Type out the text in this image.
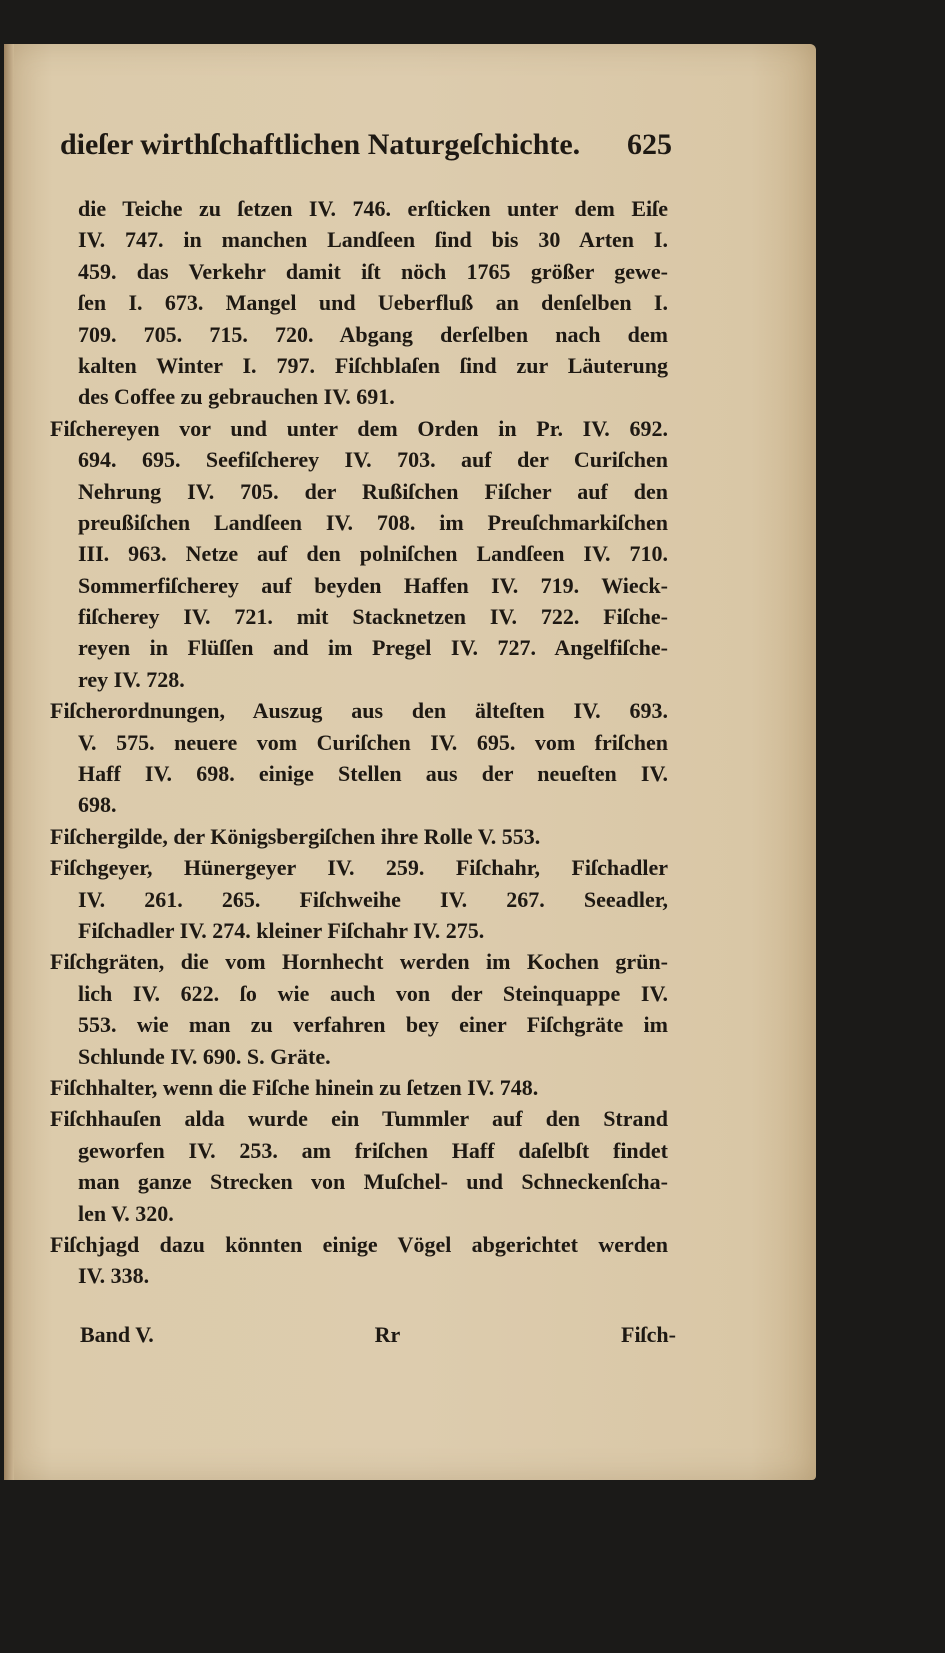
dieſer wirthſchaftlichen Naturgeſchichte. 625
die Teiche zu ſetzen IV. 746. erſticken unter dem Eiſe
IV. 747. in manchen Landſeen ſind bis 30 Arten I.
459. das Verkehr damit iſt nöch 1765 größer gewe-
ſen I. 673. Mangel und Ueberfluß an denſelben I.
709. 705. 715. 720. Abgang derſelben nach dem
kalten Winter I. 797. Fiſchblaſen ſind zur Läuterung
des Coffee zu gebrauchen IV. 691.
Fiſchereyen vor und unter dem Orden in Pr. IV. 692.
694. 695. Seefiſcherey IV. 703. auf der Curiſchen
Nehrung IV. 705. der Rußiſchen Fiſcher auf den
preußiſchen Landſeen IV. 708. im Preuſchmarkiſchen
III. 963. Netze auf den polniſchen Landſeen IV. 710.
Sommerfiſcherey auf beyden Haffen IV. 719. Wieck-
fiſcherey IV. 721. mit Stacknetzen IV. 722. Fiſche-
reyen in Flüſſen and im Pregel IV. 727. Angelfiſche-
rey IV. 728.
Fiſcherordnungen, Auszug aus den älteſten IV. 693.
V. 575. neuere vom Curiſchen IV. 695. vom friſchen
Haff IV. 698. einige Stellen aus der neueſten IV.
698.
Fiſchergilde, der Königsbergiſchen ihre Rolle V. 553.
Fiſchgeyer, Hünergeyer IV. 259. Fiſchahr, Fiſchadler
IV. 261. 265. Fiſchweihe IV. 267. Seeadler,
Fiſchadler IV. 274. kleiner Fiſchahr IV. 275.
Fiſchgräten, die vom Hornhecht werden im Kochen grün-
lich IV. 622. ſo wie auch von der Steinquappe IV.
553. wie man zu verfahren bey einer Fiſchgräte im
Schlunde IV. 690. S. Gräte.
Fiſchhalter, wenn die Fiſche hinein zu ſetzen IV. 748.
Fiſchhauſen alda wurde ein Tummler auf den Strand
geworfen IV. 253. am friſchen Haff daſelbſt findet
man ganze Strecken von Muſchel- und Schneckenſcha-
len V. 320.
Fiſchjagd dazu könnten einige Vögel abgerichtet werden
IV. 338.
Band V.	Rr	Fiſch-
